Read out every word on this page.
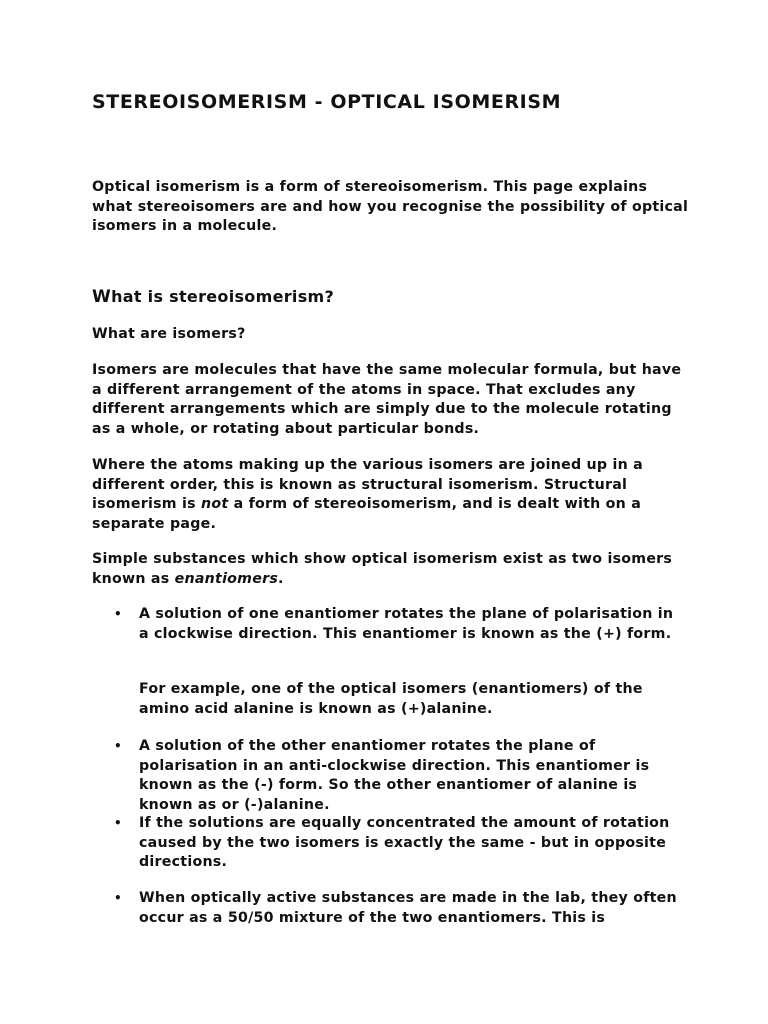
STEREOISOMERISM - OPTICAL ISOMERISM

Optical isomerism is a form of stereoisomerism. This page explains what stereoisomers are and how you recognise the possibility of optical isomers in a molecule.

What is stereoisomerism?

What are isomers?

Isomers are molecules that have the same molecular formula, but have a different arrangement of the atoms in space. That excludes any different arrangements which are simply due to the molecule rotating as a whole, or rotating about particular bonds.

Where the atoms making up the various isomers are joined up in a different order, this is known as structural isomerism. Structural isomerism is not a form of stereoisomerism, and is dealt with on a separate page.

Simple substances which show optical isomerism exist as two isomers known as enantiomers.

• A solution of one enantiomer rotates the plane of polarisation in a clockwise direction. This enantiomer is known as the (+) form.

For example, one of the optical isomers (enantiomers) of the amino acid alanine is known as (+)alanine.

• A solution of the other enantiomer rotates the plane of polarisation in an anti-clockwise direction. This enantiomer is known as the (-) form. So the other enantiomer of alanine is known as or (-)alanine.

• If the solutions are equally concentrated the amount of rotation caused by the two isomers is exactly the same - but in opposite directions.

• When optically active substances are made in the lab, they often occur as a 50/50 mixture of the two enantiomers. This is
